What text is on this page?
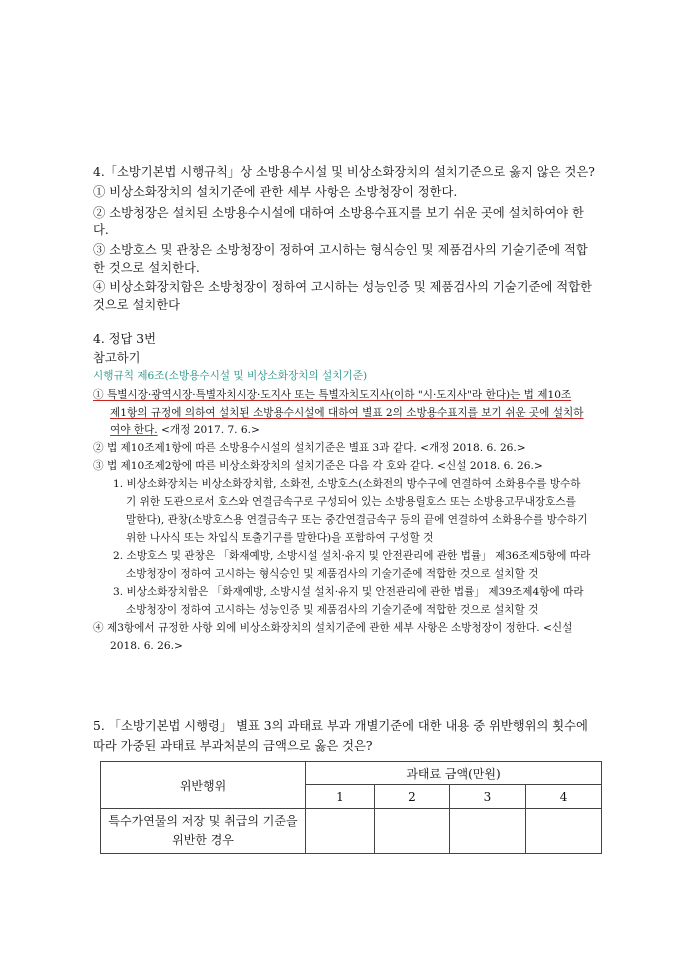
4.「소방기본법 시행규칙」상 소방용수시설 및 비상소화장치의 설치기준으로 옳지 않은 것은?
① 비상소화장치의 설치기준에 관한 세부 사항은 소방청장이 정한다.
② 소방청장은 설치된 소방용수시설에 대하여 소방용수표지를 보기 쉬운 곳에 설치하여야 한
다.
③ 소방호스 및 관창은 소방청장이 정하여 고시하는 형식승인 및 제품검사의 기술기준에 적합
한 것으로 설치한다.
④ 비상소화장치함은 소방청장이 정하여 고시하는 성능인증 및 제품검사의 기술기준에 적합한
것으로 설치한다
4. 정답 3번
참고하기
시행규칙 제6조(소방용수시설 및 비상소화장치의 설치기준)
① 특별시장·광역시장·특별자치시장·도지사 또는 특별자치도지사(이하 "시·도지사"라 한다)는 법 제10조
제1항의 규정에 의하여 설치된 소방용수시설에 대하여 별표 2의 소방용수표지를 보기 쉬운 곳에 설치하
여야 한다. <개정 2017. 7. 6.>
② 법 제10조제1항에 따른 소방용수시설의 설치기준은 별표 3과 같다. <개정 2018. 6. 26.>
③ 법 제10조제2항에 따른 비상소화장치의 설치기준은 다음 각 호와 같다. <신설 2018. 6. 26.>
1. 비상소화장치는 비상소화장치함, 소화전, 소방호스(소화전의 방수구에 연결하여 소화용수를 방수하
기 위한 도관으로서 호스와 연결금속구로 구성되어 있는 소방용릴호스 또는 소방용고무내장호스를
말한다), 관창(소방호스용 연결금속구 또는 중간연결금속구 등의 끝에 연결하여 소화용수를 방수하기
위한 나사식 또는 차입식 토출기구를 말한다)을 포함하여 구성할 것
2. 소방호스 및 관창은 「화재예방, 소방시설 설치·유지 및 안전관리에 관한 법률」 제36조제5항에 따라
소방청장이 정하여 고시하는 형식승인 및 제품검사의 기술기준에 적합한 것으로 설치할 것
3. 비상소화장치함은 「화재예방, 소방시설 설치·유지 및 안전관리에 관한 법률」 제39조제4항에 따라
소방청장이 정하여 고시하는 성능인증 및 제품검사의 기술기준에 적합한 것으로 설치할 것
④ 제3항에서 규정한 사항 외에 비상소화장치의 설치기준에 관한 세부 사항은 소방청장이 정한다. <신설
2018. 6. 26.>
5. 「소방기본법 시행령」 별표 3의 과태료 부과 개별기준에 대한 내용 중 위반행위의 횟수에
따라 가중된 과태료 부과처분의 금액으로 옳은 것은?
위반행위	과태료 금액(만원)			
	1	2	3	4

특수가연물의 저장 및 취급의 기준을
위반한 경우				
